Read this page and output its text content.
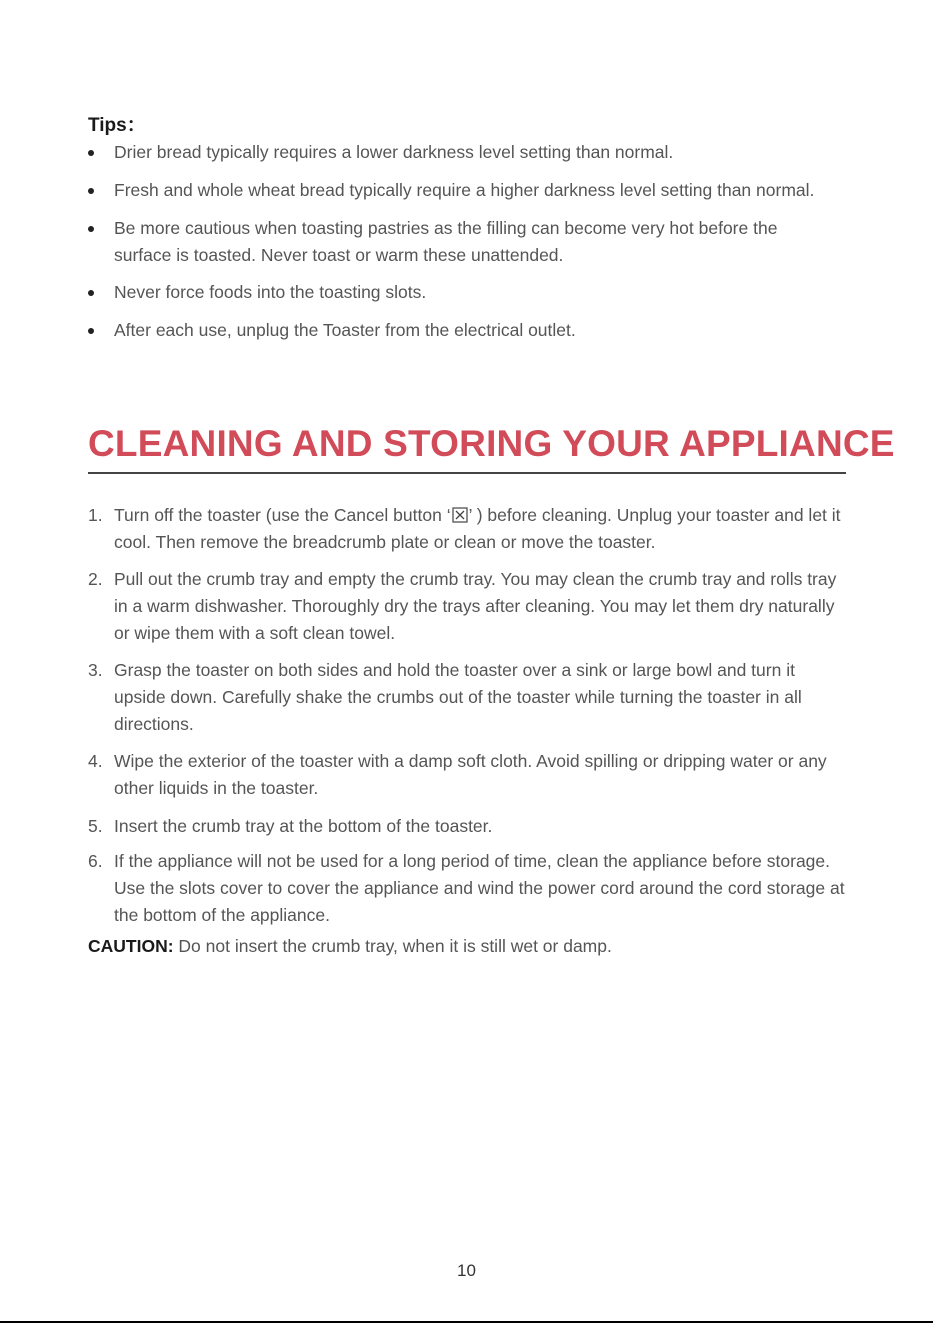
Tips：
Drier bread typically requires a lower darkness level setting than normal.
Fresh and whole wheat bread typically require a higher darkness level setting than normal.
Be more cautious when toasting pastries as the filling can become very hot before the surface is toasted. Never toast or warm these unattended.
Never force foods into the toasting slots.
After each use, unplug the Toaster from the electrical outlet.
CLEANING AND STORING YOUR APPLIANCE
1. Turn off the toaster (use the Cancel button ‘ ’ ) before cleaning. Unplug your toaster and let it cool. Then remove the breadcrumb plate or clean or move the toaster.
2. Pull out the crumb tray and empty the crumb tray. You may clean the crumb tray and rolls tray in a warm dishwasher. Thoroughly dry the trays after cleaning. You may let them dry naturally or wipe them with a soft clean towel.
3. Grasp the toaster on both sides and hold the toaster over a sink or large bowl and turn it upside down. Carefully shake the crumbs out of the toaster while turning the toaster in all directions.
4. Wipe the exterior of the toaster with a damp soft cloth. Avoid spilling or dripping water or any other liquids in the toaster.
5. Insert the crumb tray at the bottom of the toaster.
6. If the appliance will not be used for a long period of time, clean the appliance before storage. Use the slots cover to cover the appliance and wind the power cord around the cord storage at the bottom of the appliance.
CAUTION: Do not insert the crumb tray, when it is still wet or damp.
10
